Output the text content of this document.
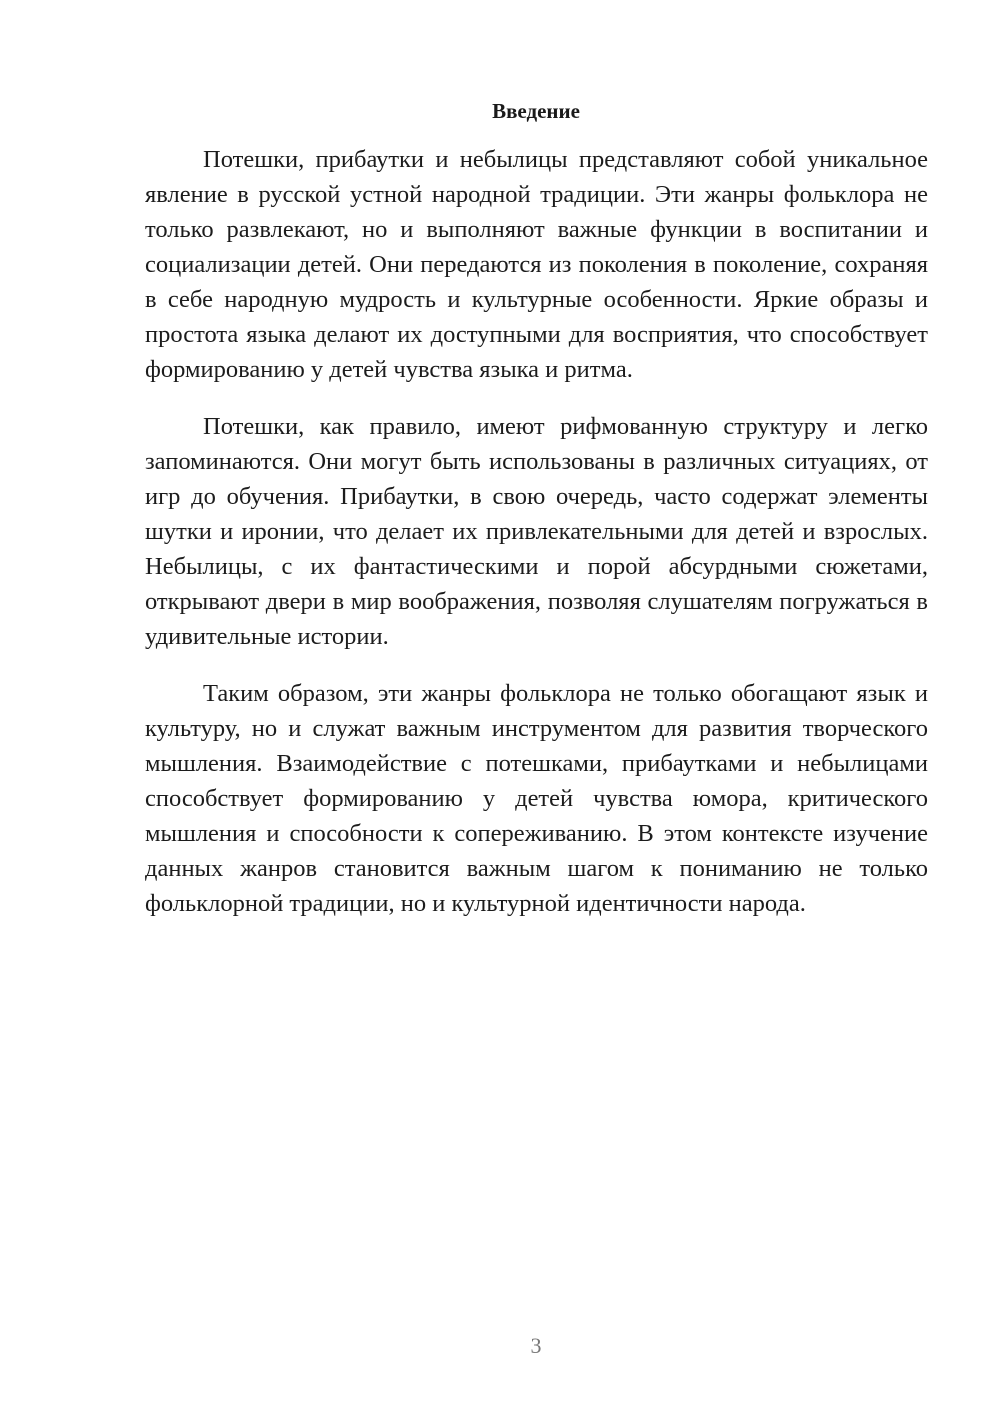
Введение

Потешки, прибаутки и небылицы представляют собой уникальное явление в русской устной народной традиции. Эти жанры фольклора не только развлекают, но и выполняют важные функции в воспитании и социализации детей. Они передаются из поколения в поколение, сохраняя в себе народную мудрость и культурные особенности. Яркие образы и простота языка делают их доступными для восприятия, что способствует формированию у детей чувства языка и ритма.

Потешки, как правило, имеют рифмованную структуру и легко запоминаются. Они могут быть использованы в различных ситуациях, от игр до обучения. Прибаутки, в свою очередь, часто содержат элементы шутки и иронии, что делает их привлекательными для детей и взрослых. Небылицы, с их фантастическими и порой абсурдными сюжетами, открывают двери в мир воображения, позволяя слушателям погружаться в удивительные истории.

Таким образом, эти жанры фольклора не только обогащают язык и культуру, но и служат важным инструментом для развития творческого мышления. Взаимодействие с потешками, прибаутками и небылицами способствует формированию у детей чувства юмора, критического мышления и способности к сопереживанию. В этом контексте изучение данных жанров становится важным шагом к пониманию не только фольклорной традиции, но и культурной идентичности народа.

3
